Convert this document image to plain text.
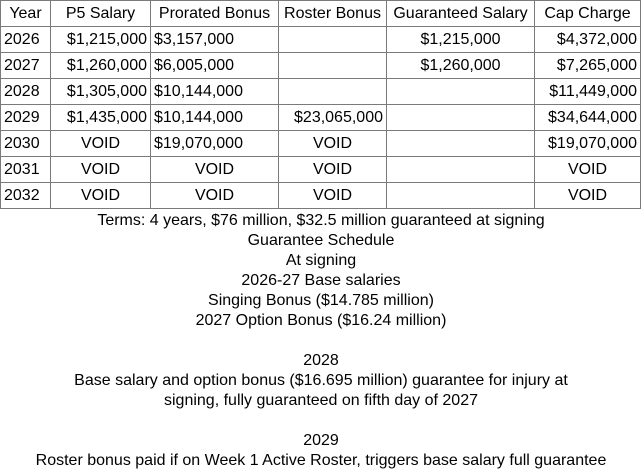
Year	P5 Salary	Prorated Bonus	Roster Bonus	Guaranteed Salary	Cap Charge
2026	$1,215,000	$3,157,000		$1,215,000	$4,372,000
2027	$1,260,000	$6,005,000		$1,260,000	$7,265,000
2028	$1,305,000	$10,144,000			$11,449,000
2029	$1,435,000	$10,144,000	$23,065,000		$34,644,000
2030	VOID	$19,070,000	VOID		$19,070,000
2031	VOID	VOID	VOID		VOID
2032	VOID	VOID	VOID		VOID
Terms: 4 years, $76 million, $32.5 million guaranteed at signing
Guarantee Schedule
At signing
2026-27 Base salaries
Singing Bonus ($14.785 million)
2027 Option Bonus ($16.24 million)
2028
Base salary and option bonus ($16.695 million) guarantee for injury at
signing, fully guaranteed on fifth day of 2027
2029
Roster bonus paid if on Week 1 Active Roster, triggers base salary full guarantee
